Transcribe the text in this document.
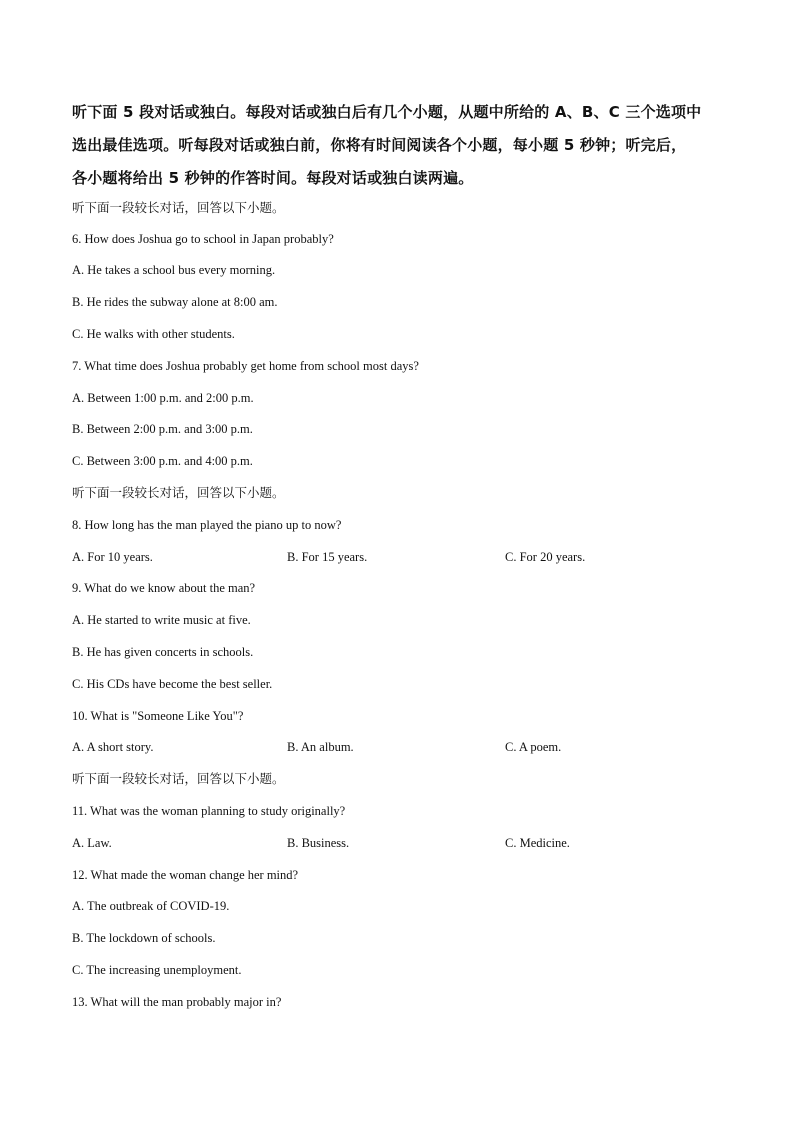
听下面 5 段对话或独白。每段对话或独白后有几个小题，从题中所给的 A、B、C 三个选项中
选出最佳选项。听每段对话或独白前，你将有时间阅读各个小题，每小题 5 秒钟；听完后，
各小题将给出 5 秒钟的作答时间。每段对话或独白读两遍。
听下面一段较长对话，回答以下小题。
6. How does Joshua go to school in Japan probably?
A. He takes a school bus every morning.
B. He rides the subway alone at 8:00 am.
C. He walks with other students.
7. What time does Joshua probably get home from school most days?
A. Between 1:00 p.m. and 2:00 p.m.
B. Between 2:00 p.m. and 3:00 p.m.
C. Between 3:00 p.m. and 4:00 p.m.
听下面一段较长对话，回答以下小题。
8. How long has the man played the piano up to now?
A. For 10 years.	B. For 15 years.	C. For 20 years.
9. What do we know about the man?
A. He started to write music at five.
B. He has given concerts in schools.
C. His CDs have become the best seller.
10. What is "Someone Like You"?
A. A short story.	B. An album.	C. A poem.
听下面一段较长对话，回答以下小题。
11. What was the woman planning to study originally?
A. Law.	B. Business.	C. Medicine.
12. What made the woman change her mind?
A. The outbreak of COVID-19.
B. The lockdown of schools.
C. The increasing unemployment.
13. What will the man probably major in?
